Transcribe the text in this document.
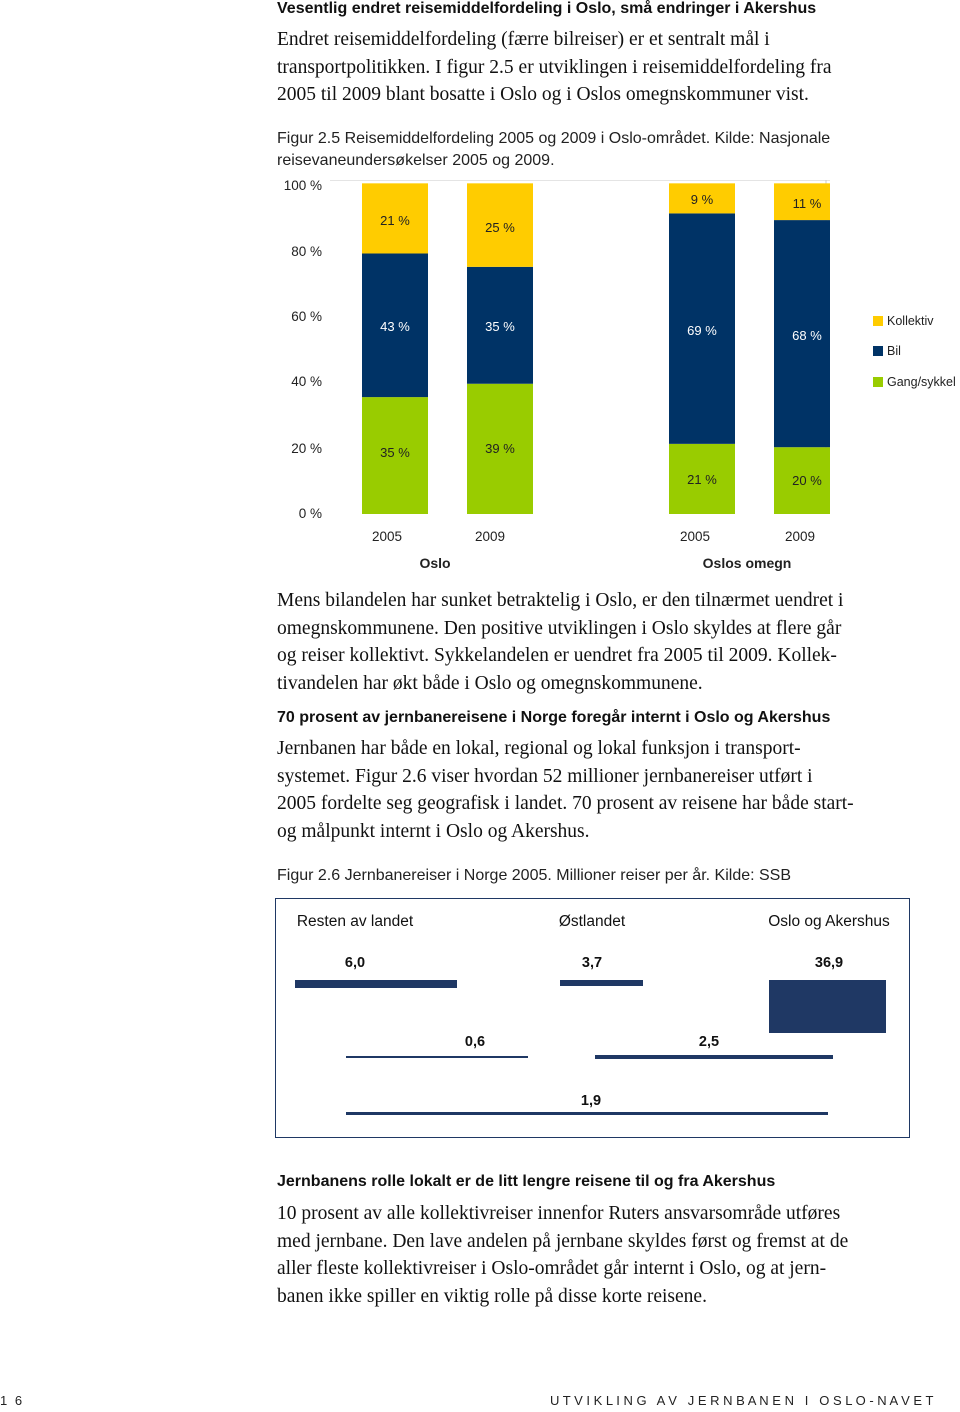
Vesentlig endret reisemiddelfordeling i Oslo, små endringer i Akershus
Endret reisemiddelfordeling (færre bilreiser) er et sentralt mål i
transportpolitikken. I figur 2.5 er utviklingen i reisemiddelfordeling fra
2005 til 2009 blant bosatte i Oslo og i Oslos omegnskommuner vist.
Figur 2.5 Reisemiddelfordeling 2005 og 2009 i Oslo-området. Kilde: Nasjonale
reisevaneundersøkelser 2005 og 2009.
100 %
80 %
60 %
40 %
20 %
0 %
35 %
43 %
21 %
39 %
35 %
25 %
21 %
69 %
9 %
20 %
68 %
11 %
2005	2009	2005	2009
Oslo	Oslos omegn
Kollektiv
Bil
Gang/sykkel
Mens bilandelen har sunket betraktelig i Oslo, er den tilnærmet uendret i
omegnskommunene. Den positive utviklingen i Oslo skyldes at flere går
og reiser kollektivt. Sykkelandelen er uendret fra 2005 til 2009. Kollek-
tivandelen har økt både i Oslo og omegnskommunene.
70 prosent av jernbanereisene i Norge foregår internt i Oslo og Akershus
Jernbanen har både en lokal, regional og lokal funksjon i transport-
systemet. Figur 2.6 viser hvordan 52 millioner jernbanereiser utført i
2005 fordelte seg geografisk i landet. 70 prosent av reisene har både start-
og målpunkt internt i Oslo og Akershus.
Figur 2.6 Jernbanereiser i Norge 2005. Millioner reiser per år. Kilde: SSB
Resten av landet	Østlandet	Oslo og Akershus
6,0	3,7	36,9
0,6	2,5
1,9
Jernbanens rolle lokalt er de litt lengre reisene til og fra Akershus
10 prosent av alle kollektivreiser innenfor Ruters ansvarsområde utføres
med jernbane. Den lave andelen på jernbane skyldes først og fremst at de
aller fleste kollektivreiser i Oslo-området går internt i Oslo, og at jern-
banen ikke spiller en viktig rolle på disse korte reisene.
1 6	U T V I K L I N G   A V   J E R N B A N E N   I   O S L O - N A V E T
